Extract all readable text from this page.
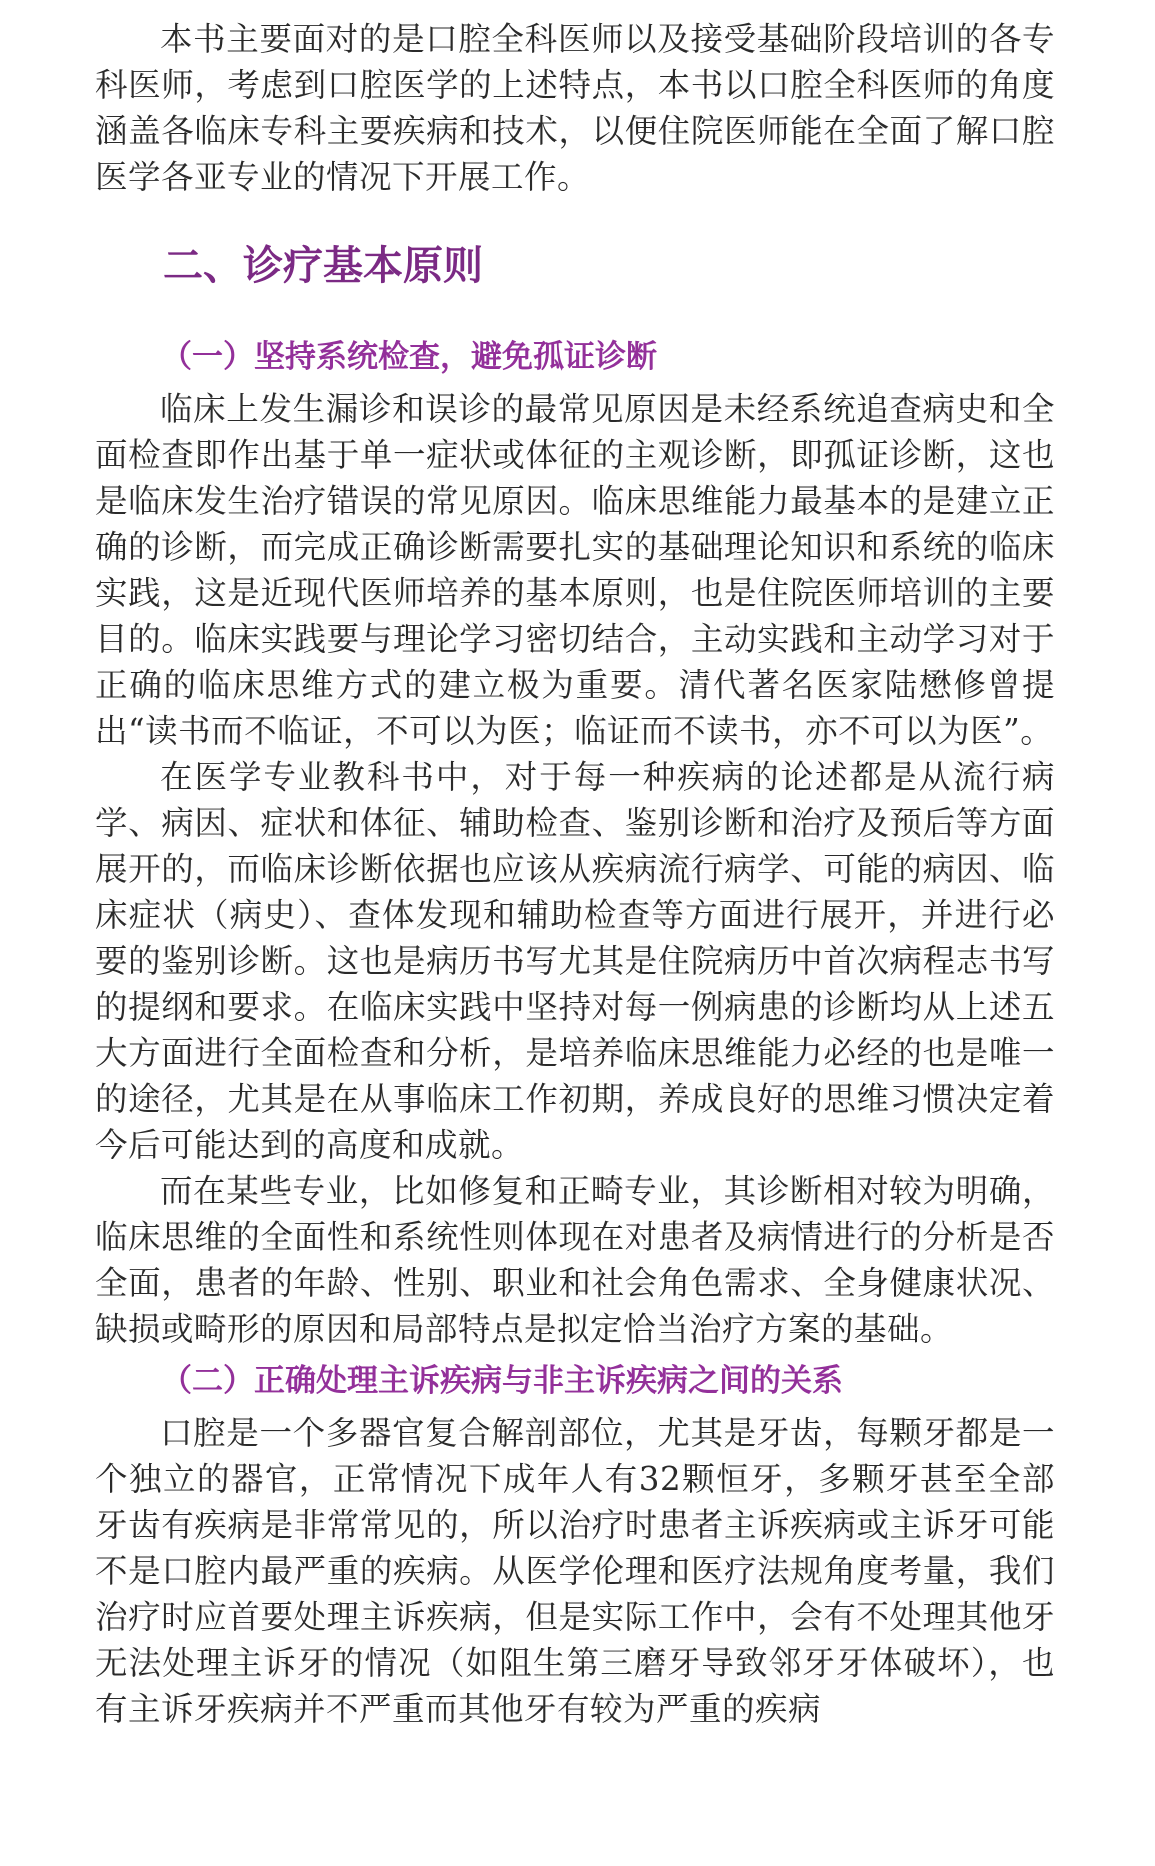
本书主要面对的是口腔全科医师以及接受基础阶段培训的各专科医师，考虑到口腔医学的上述特点，本书以口腔全科医师的角度涵盖各临床专科主要疾病和技术，以便住院医师能在全面了解口腔医学各亚专业的情况下开展工作。

二、诊疗基本原则
（一）坚持系统检查，避免孤证诊断

临床上发生漏诊和误诊的最常见原因是未经系统追查病史和全面检查即作出基于单一症状或体征的主观诊断，即孤证诊断，这也是临床发生治疗错误的常见原因。临床思维能力最基本的是建立正确的诊断，而完成正确诊断需要扎实的基础理论知识和系统的临床实践，这是近现代医师培养的基本原则，也是住院医师培训的主要目的。临床实践要与理论学习密切结合，主动实践和主动学习对于正确的临床思维方式的建立极为重要。清代著名医家陆懋修曾提出“读书而不临证，不可以为医；临证而不读书，亦不可以为医”。

在医学专业教科书中，对于每一种疾病的论述都是从流行病学、病因、症状和体征、辅助检查、鉴别诊断和治疗及预后等方面展开的，而临床诊断依据也应该从疾病流行病学、可能的病因、临床症状（病史）、查体发现和辅助检查等方面进行展开，并进行必要的鉴别诊断。这也是病历书写尤其是住院病历中首次病程志书写的提纲和要求。在临床实践中坚持对每一例病患的诊断均从上述五大方面进行全面检查和分析，是培养临床思维能力必经的也是唯一的途径，尤其是在从事临床工作初期，养成良好的思维习惯决定着今后可能达到的高度和成就。

而在某些专业，比如修复和正畸专业，其诊断相对较为明确，临床思维的全面性和系统性则体现在对患者及病情进行的分析是否全面，患者的年龄、性别、职业和社会角色需求、全身健康状况、缺损或畸形的原因和局部特点是拟定恰当治疗方案的基础。

（二）正确处理主诉疾病与非主诉疾病之间的关系

口腔是一个多器官复合解剖部位，尤其是牙齿，每颗牙都是一个独立的器官，正常情况下成年人有32颗恒牙，多颗牙甚至全部牙齿有疾病是非常常见的，所以治疗时患者主诉疾病或主诉牙可能不是口腔内最严重的疾病。从医学伦理和医疗法规角度考量，我们治疗时应首要处理主诉疾病，但是实际工作中，会有不处理其他牙无法处理主诉牙的情况（如阻生第三磨牙导致邻牙牙体破坏），也有主诉牙疾病并不严重而其他牙有较为严重的疾病
